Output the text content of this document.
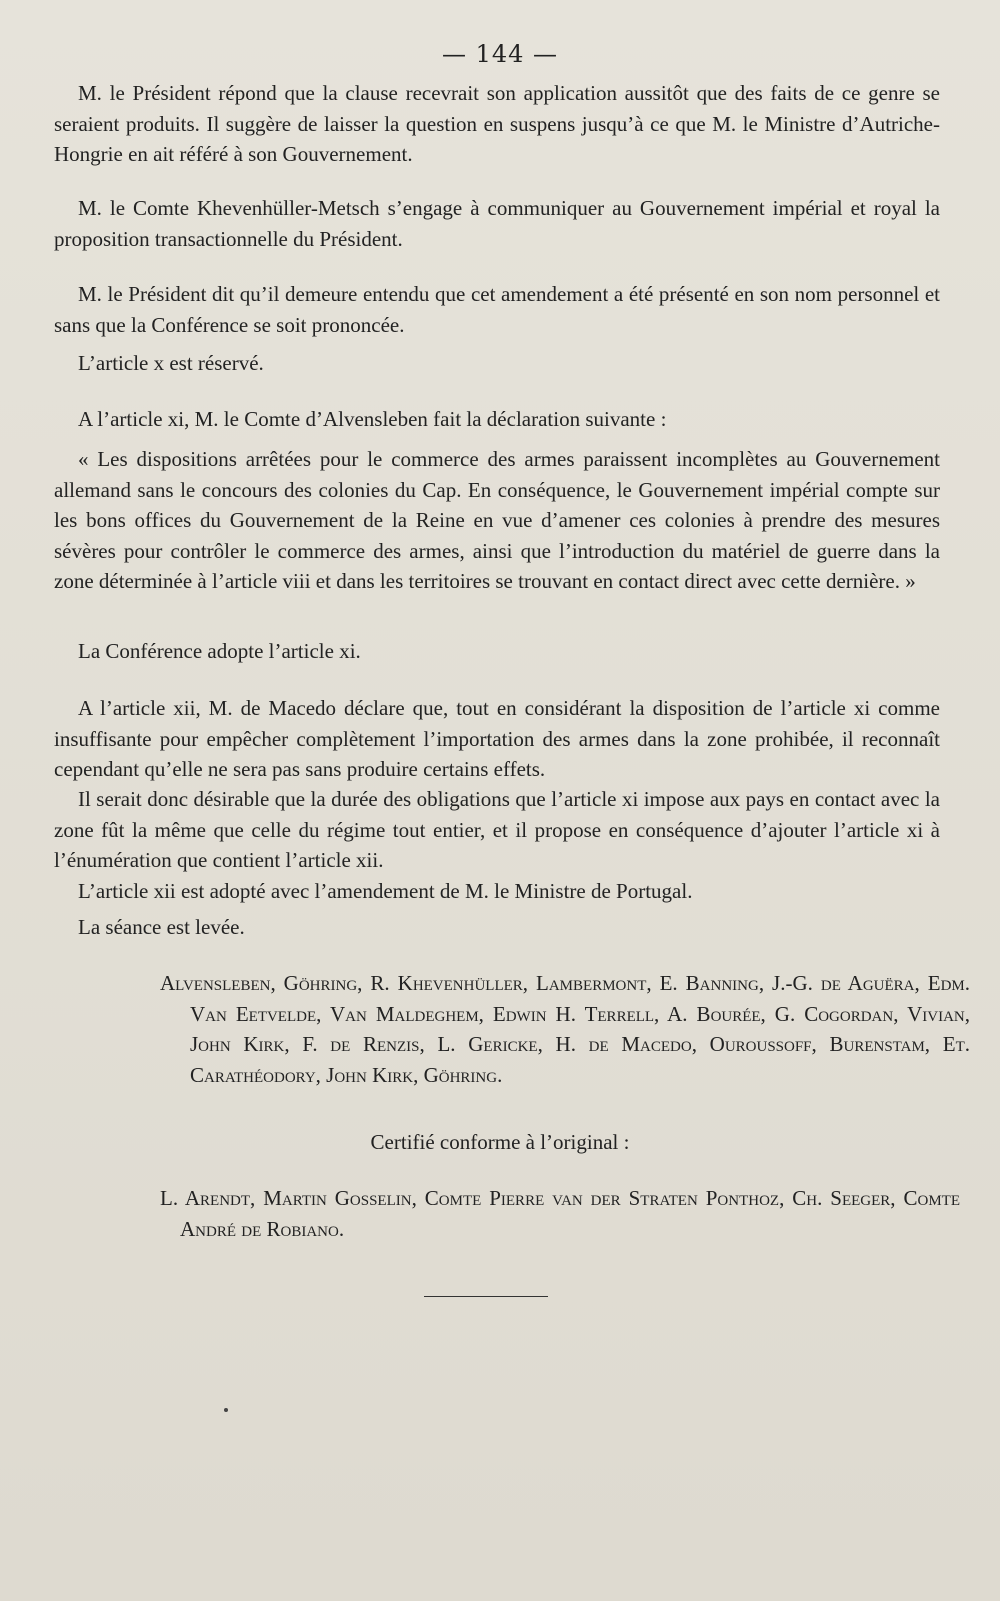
— 144 —

M. le Président répond que la clause recevrait son application aussitôt que des faits de ce genre se seraient produits. Il suggère de laisser la question en suspens jusqu’à ce que M. le Ministre d’Autriche-Hongrie en ait référé à son Gouvernement.

M. le Comte Khevenhüller-Metsch s’engage à communiquer au Gouvernement impérial et royal la proposition transactionnelle du Président.

M. le Président dit qu’il demeure entendu que cet amendement a été présenté en son nom personnel et sans que la Conférence se soit prononcée.

L’article x est réservé.

A l’article xi, M. le Comte d’Alvensleben fait la déclaration suivante :

« Les dispositions arrêtées pour le commerce des armes paraissent incomplètes au Gouvernement allemand sans le concours des colonies du Cap. En conséquence, le Gouvernement impérial compte sur les bons offices du Gouvernement de la Reine en vue d’amener ces colonies à prendre des mesures sévères pour contrôler le commerce des armes, ainsi que l’introduction du matériel de guerre dans la zone déterminée à l’article viii et dans les territoires se trouvant en contact direct avec cette dernière. »

La Conférence adopte l’article xi.

A l’article xii, M. de Macedo déclare que, tout en considérant la disposition de l’article xi comme insuffisante pour empêcher complètement l’importation des armes dans la zone prohibée, il reconnaît cependant qu’elle ne sera pas sans produire certains effets.

Il serait donc désirable que la durée des obligations que l’article xi impose aux pays en contact avec la zone fût la même que celle du régime tout entier, et il propose en conséquence d’ajouter l’article xi à l’énumération que contient l’article xii.

L’article xii est adopté avec l’amendement de M. le Ministre de Portugal.

La séance est levée.

Alvensleben, Göhring, R. Khevenhüller, Lambermont, E. Banning, J.-G. de Aguëra, Edm. Van Eetvelde, Van Maldeghem, Edwin H. Terrell, A. Bourée, G. Cogordan, Vivian, John Kirk, F. de Renzis, L. Gericke, H. de Macedo, Ouroussoff, Burenstam, Et. Carathéodory, John Kirk, Göhring.
Certifié conforme à l’original :
L. Arendt, Martin Gosselin, Comte Pierre van der Straten Ponthoz, Ch. Seeger, Comte André de Robiano.
